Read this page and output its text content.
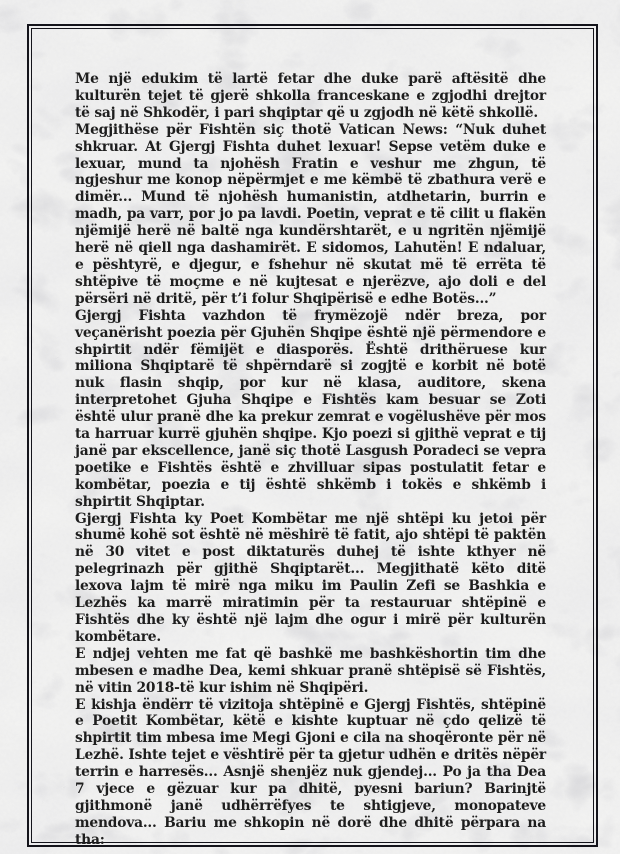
Me një edukim të lartë fetar dhe duke parë aftësitë dhe kulturën tejet të gjerë shkolla franceskane e zgjodhi drejtor të saj në Shkodër, i pari shqiptar që u zgjodh në këtë shkollë.

Megjithëse për Fishtën siç thotë Vatican News: “Nuk duhet shkruar. At Gjergj Fishta duhet lexuar! Sepse vetëm duke e lexuar, mund ta njohësh Fratin e veshur me zhgun, të ngjeshur me konop nëpërmjet e me këmbë të zbathura verë e dimër... Mund të njohësh humanistin, atdhetarin, burrin e madh, pa varr, por jo pa lavdi. Poetin, veprat e të cilit u flakën njëmijë herë në baltë nga kundërshtarët, e u ngritën njëmijë herë në qiell nga dashamirët. E sidomos, Lahutën! E ndaluar, e pështyrë, e djegur, e fshehur në skutat më të errëta të shtëpive të moçme e në kujtesat e njerëzve, ajo doli e del përsëri në dritë, për t’i folur Shqipërisë e edhe Botës...”

Gjergj Fishta vazhdon të frymëzojë ndër breza, por veçanërisht poezia për Gjuhën Shqipe është një përmendore e shpirtit ndër fëmijët e diasporës. Është drithëruese kur miliona Shqiptarë të shpërndarë si zogjtë e korbit në botë nuk flasin shqip, por kur në klasa, auditore, skena interpretohet Gjuha Shqipe e Fishtës kam besuar se Zoti është ulur pranë dhe ka prekur zemrat e vogëlushëve për mos ta harruar kurrë gjuhën shqipe. Kjo poezi si gjithë veprat e tij janë par ekscellence, janë siç thotë Lasgush Poradeci se vepra poetike e Fishtës është e zhvilluar sipas postulatit fetar e kombëtar, poezia e tij është shkëmb i tokës e shkëmb i shpirtit Shqiptar.

Gjergj Fishta ky Poet Kombëtar me një shtëpi ku jetoi për shumë kohë sot është në mëshirë të fatit, ajo shtëpi të paktën në 30 vitet e post diktaturës duhej të ishte kthyer në pelegrinazh për gjithë Shqiptarët... Megjithatë këto ditë lexova lajm të mirë nga miku im Paulin Zefi se Bashkia e Lezhës ka marrë miratimin për ta restauruar shtëpinë e Fishtës dhe ky është një lajm dhe ogur i mirë për kulturën kombëtare.

E ndjej vehten me fat që bashkë me bashkëshortin tim dhe mbesen e madhe Dea, kemi shkuar pranë shtëpisë së Fishtës, në vitin 2018-të kur ishim në Shqipëri.

E kishja ëndërr të vizitoja shtëpinë e Gjergj Fishtës, shtëpinë e Poetit Kombëtar, këtë e kishte kuptuar në çdo qelizë të shpirtit tim mbesa ime Megi Gjoni e cila na shoqëronte për në Lezhë. Ishte tejet e vështirë për ta gjetur udhën e dritës nëpër terrin e harresës... Asnjë shenjëz nuk gjendej... Po ja tha Dea 7 vjece e gëzuar kur pa dhitë, pyesni bariun? Barinjtë gjithmonë janë udhërrëfyes te shtigjeve, monopateve mendova... Bariu me shkopin në dorë dhe dhitë përpara na tha:
